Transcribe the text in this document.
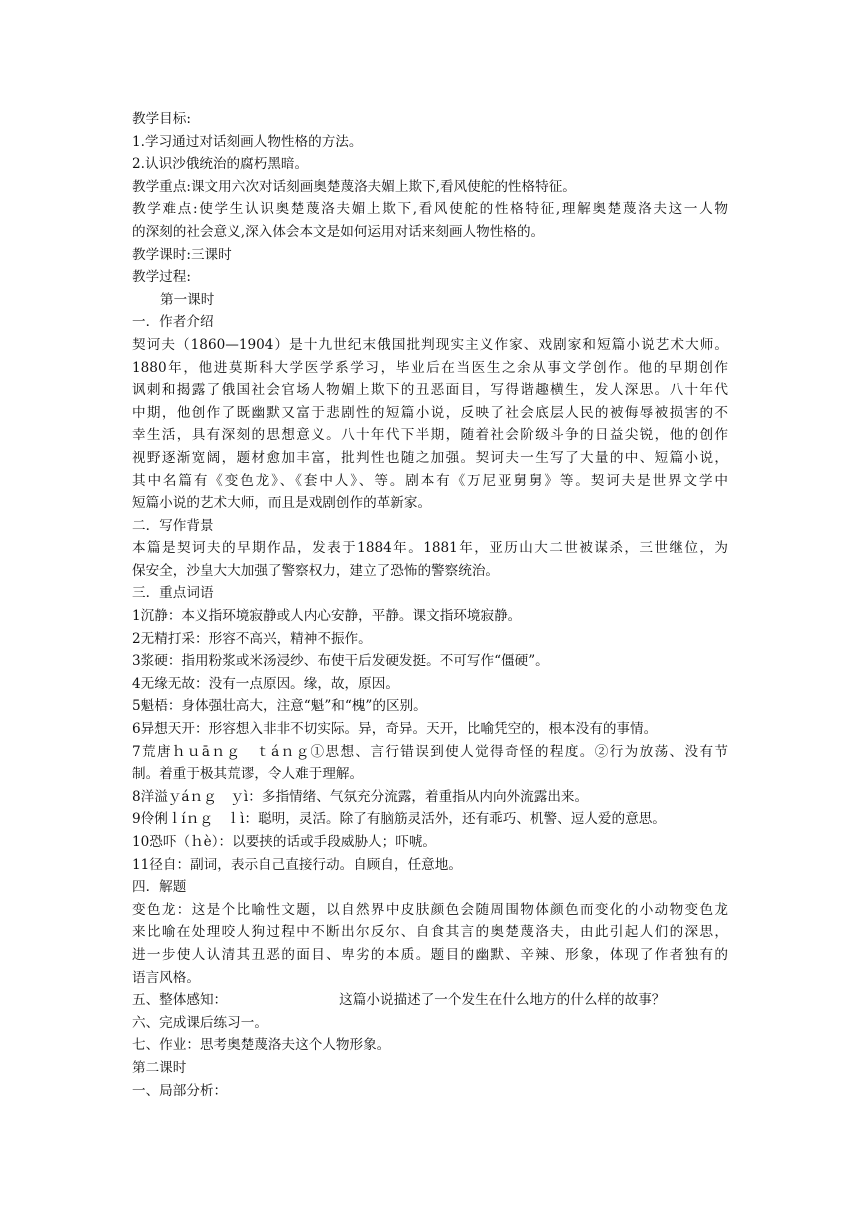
教学目标:
1.学习通过对话刻画人物性格的方法。
2.认识沙俄统治的腐朽黑暗。
教学重点:课文用六次对话刻画奥楚蔑洛夫媚上欺下,看风使舵的性格特征。
教学难点:使学生认识奥楚蔑洛夫媚上欺下,看风使舵的性格特征,理解奥楚蔑洛夫这一人物
的深刻的社会意义,深入体会本文是如何运用对话来刻画人物性格的。
教学课时:三课时
教学过程:
第一课时
一．作者介绍
契诃夫（1860—1904）是十九世纪末俄国批判现实主义作家、戏剧家和短篇小说艺术大师。
1880年，他进莫斯科大学医学系学习，毕业后在当医生之余从事文学创作。他的早期创作
讽刺和揭露了俄国社会官场人物媚上欺下的丑恶面目，写得谐趣横生，发人深思。八十年代
中期，他创作了既幽默又富于悲剧性的短篇小说，反映了社会底层人民的被侮辱被损害的不
幸生活，具有深刻的思想意义。八十年代下半期，随着社会阶级斗争的日益尖锐，他的创作
视野逐渐宽阔，题材愈加丰富，批判性也随之加强。契诃夫一生写了大量的中、短篇小说，
其中名篇有《变色龙》、《套中人》、等。剧本有《万尼亚舅舅》等。契诃夫是世界文学中
短篇小说的艺术大师，而且是戏剧创作的革新家。
二．写作背景
本篇是契诃夫的早期作品，发表于1884年。1881年，亚历山大二世被谋杀，三世继位，为
保安全，沙皇大大加强了警察权力，建立了恐怖的警察统治。
三．重点词语
1沉静：本义指环境寂静或人内心安静，平静。课文指环境寂静。
2无精打采：形容不高兴，精神不振作。
3浆硬：指用粉浆或米汤浸纱、布使干后发硬发挺。不可写作“僵硬”。
4无缘无故：没有一点原因。缘，故，原因。
5魁梧：身体强壮高大，注意“魁”和“槐”的区别。
6异想天开：形容想入非非不切实际。异，奇异。天开，比喻凭空的，根本没有的事情。
7荒唐ｈｕāｎｇ　ｔáｎｇ①思想、言行错误到使人觉得奇怪的程度。②行为放荡、没有节
制。着重于极其荒谬，令人难于理解。
8洋溢ｙáｎｇ　ｙì：多指情绪、气氛充分流露，着重指从内向外流露出来。
9伶俐ｌíｎｇ　ｌì：聪明，灵活。除了有脑筋灵活外，还有乖巧、机警、逗人爱的意思。
10恐吓（ｈè）：以要挟的话或手段威胁人；吓唬。
11径自：副词，表示自己直接行动。自顾自，任意地。
四．解题
变色龙：这是个比喻性文题，以自然界中皮肤颜色会随周围物体颜色而变化的小动物变色龙
来比喻在处理咬人狗过程中不断出尔反尔、自食其言的奥楚蔑洛夫，由此引起人们的深思，
进一步使人认清其丑恶的面目、卑劣的本质。题目的幽默、辛辣、形象，体现了作者独有的
语言风格。
五、整体感知：	这篇小说描述了一个发生在什么地方的什么样的故事？
六、完成课后练习一。
七、作业：思考奥楚蔑洛夫这个人物形象。
第二课时
一、局部分析：
